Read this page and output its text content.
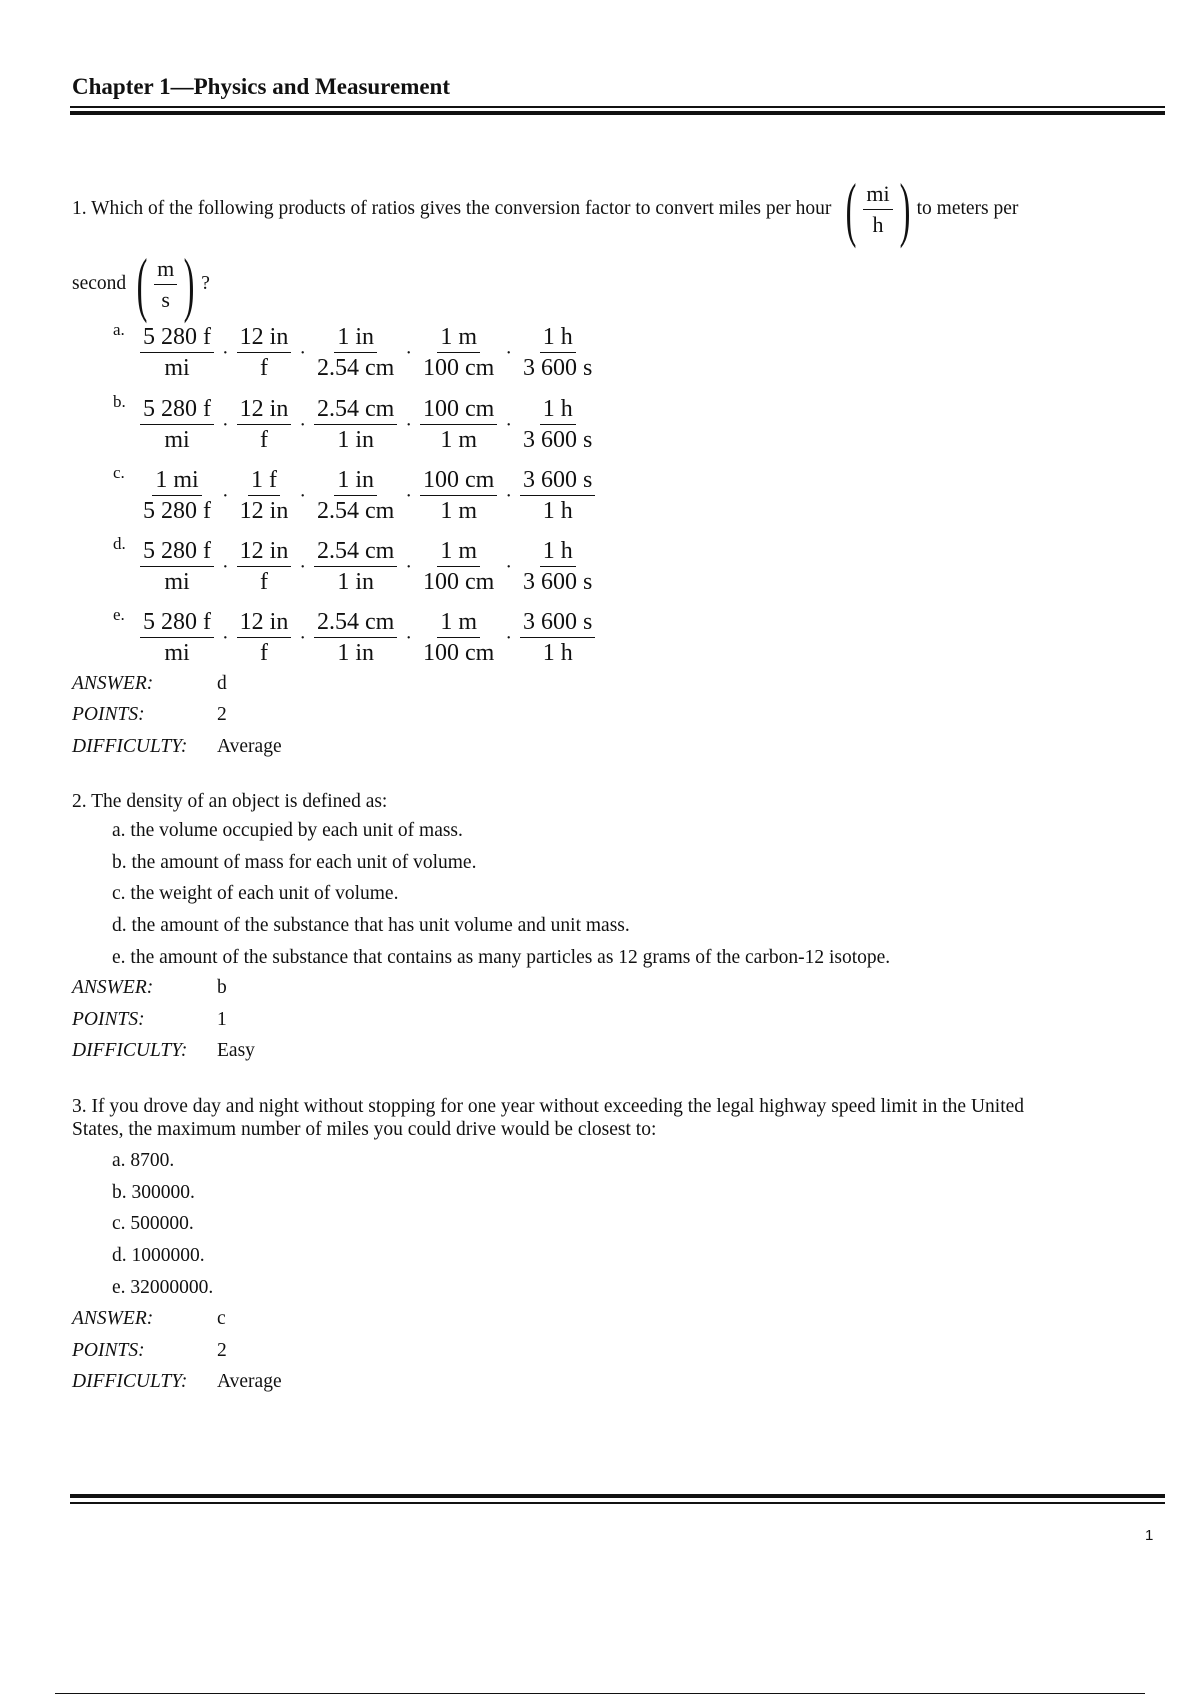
Chapter 1—Physics and Measurement
1. Which of the following products of ratios gives the conversion factor to convert miles per hour ( $\frac{mi}{h}$ ) to meters per
second ( $\frac{m}{s}$ ) ?
a. $\frac{5 280 f}{mi} \cdot \frac{12 in}{f} \cdot \frac{1 in}{2.54 cm} \cdot \frac{1 m}{100 cm} \cdot \frac{1 h}{3 600 s}$
b. $\frac{5 280 f}{mi} \cdot \frac{12 in}{f} \cdot \frac{2.54 cm}{1 in} \cdot \frac{100 cm}{1 m} \cdot \frac{1 h}{3 600 s}$
c. $\frac{1 mi}{5 280 f} \cdot \frac{1 f}{12 in} \cdot \frac{1 in}{2.54 cm} \cdot \frac{100 cm}{1 m} \cdot \frac{3 600 s}{1 h}$
d. $\frac{5 280 f}{mi} \cdot \frac{12 in}{f} \cdot \frac{2.54 cm}{1 in} \cdot \frac{1 m}{100 cm} \cdot \frac{1 h}{3 600 s}$
e. $\frac{5 280 f}{mi} \cdot \frac{12 in}{f} \cdot \frac{2.54 cm}{1 in} \cdot \frac{1 m}{100 cm} \cdot \frac{3 600 s}{1 h}$
ANSWER:	d
POINTS:	2
DIFFICULTY: Average
2. The density of an object is defined as:
a. the volume occupied by each unit of mass.
b. the amount of mass for each unit of volume.
c. the weight of each unit of volume.
d. the amount of the substance that has unit volume and unit mass.
e. the amount of the substance that contains as many particles as 12 grams of the carbon-12 isotope.
ANSWER:	b
POINTS:	1
DIFFICULTY: Easy
3. If you drove day and night without stopping for one year without exceeding the legal highway speed limit in the United
States, the maximum number of miles you could drive would be closest to:
a. 8700.
b. 300000.
c. 500000.
d. 1000000.
e. 32000000.
ANSWER:	c
POINTS:	2
DIFFICULTY: Average
1
